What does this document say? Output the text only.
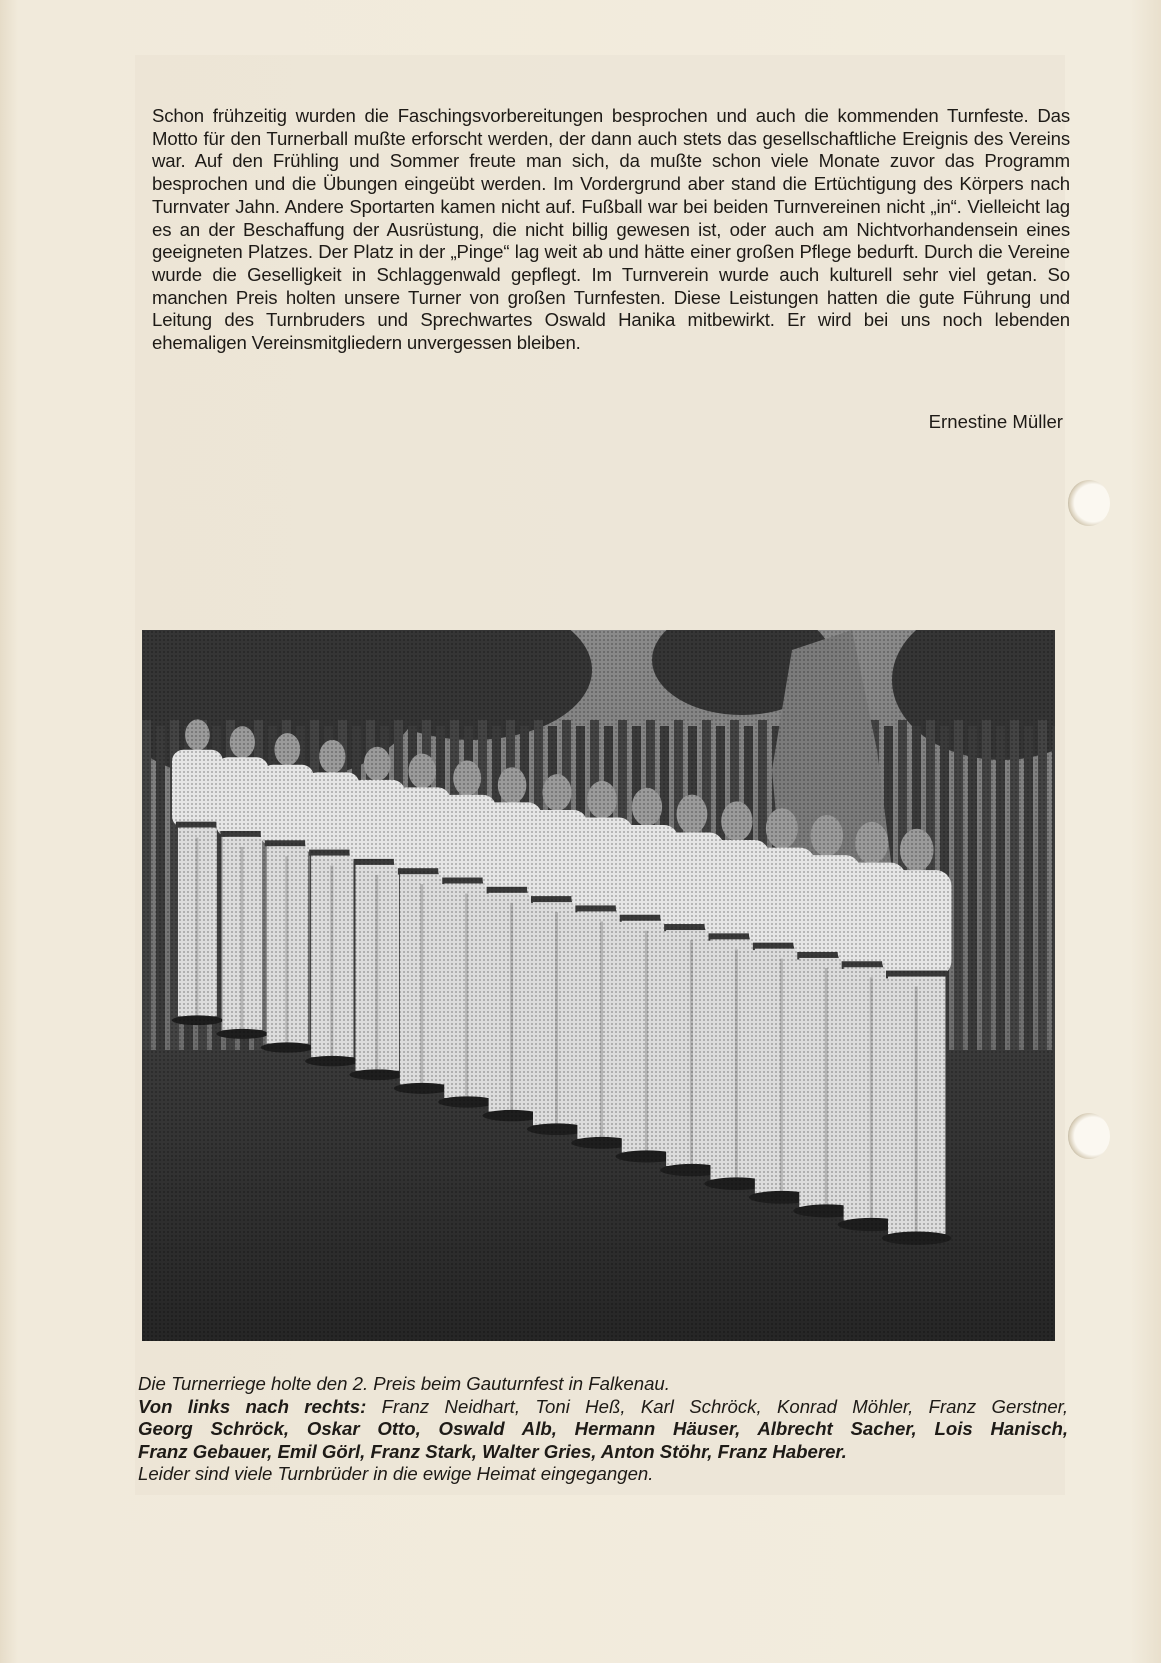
Schon frühzeitig wurden die Faschingsvorbereitungen besprochen und auch die kommenden Turnfeste. Das Motto für den Turnerball mußte erforscht werden, der dann auch stets das gesellschaftliche Ereignis des Vereins war. Auf den Frühling und Sommer freute man sich, da mußte schon viele Monate zuvor das Programm besprochen und die Übungen eingeübt werden. Im Vordergrund aber stand die Ertüchtigung des Körpers nach Turnvater Jahn. Andere Sportarten kamen nicht auf. Fußball war bei beiden Turnvereinen nicht „in“. Vielleicht lag es an der Beschaffung der Ausrüstung, die nicht billig gewesen ist, oder auch am Nichtvorhandensein eines geeigneten Platzes. Der Platz in der „Pinge“ lag weit ab und hätte einer großen Pflege bedurft. Durch die Vereine wurde die Geselligkeit in Schlaggenwald gepflegt. Im Turnverein wurde auch kulturell sehr viel getan. So manchen Preis holten unsere Turner von großen Turnfesten. Diese Leistungen hatten die gute Führung und Leitung des Turnbruders und Sprechwartes Oswald Hanika mitbewirkt. Er wird bei uns noch lebenden ehemaligen Vereinsmitgliedern unvergessen bleiben.

Ernestine Müller
Die Turnerriege holte den 2. Preis beim Gauturnfest in Falkenau.
Von links nach rechts: Franz Neidhart, Toni Heß, Karl Schröck, Konrad Möhler, Franz Gerstner,
Georg Schröck, Oskar Otto, Oswald Alb, Hermann Häuser, Albrecht Sacher, Lois Hanisch,
Franz Gebauer, Emil Görl, Franz Stark, Walter Gries, Anton Stöhr, Franz Haberer.
Leider sind viele Turnbrüder in die ewige Heimat eingegangen.
